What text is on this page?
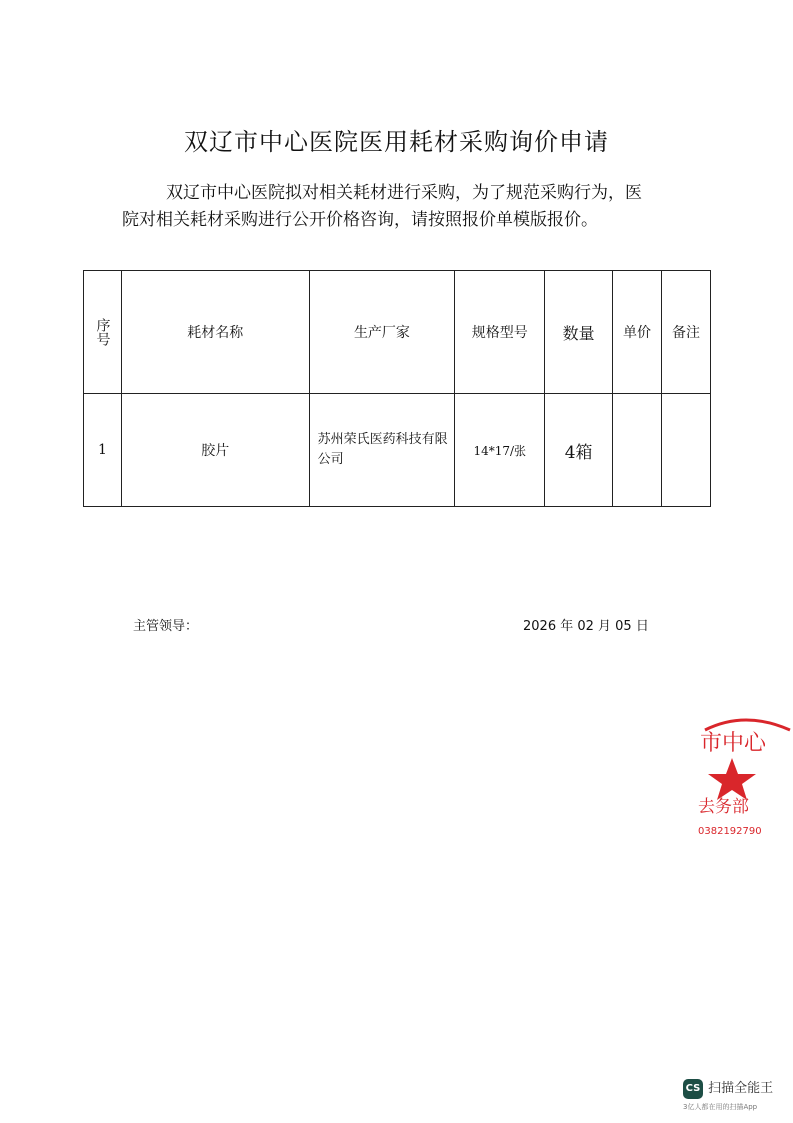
双辽市中心医院医用耗材采购询价申请
双辽市中心医院拟对相关耗材进行采购，为了规范采购行为，医院对相关耗材采购进行公开价格咨询，请按照报价单模版报价。
序号	耗材名称	生产厂家	规格型号	数量	单价	备注
1	胶片	苏州荣氏医药科技有限公司	14*17/张	4箱		
主管领导：	2026 年 02 月 05 日
市中心
去务部
0382192790
CS 扫描全能王
3亿人都在用的扫描App
